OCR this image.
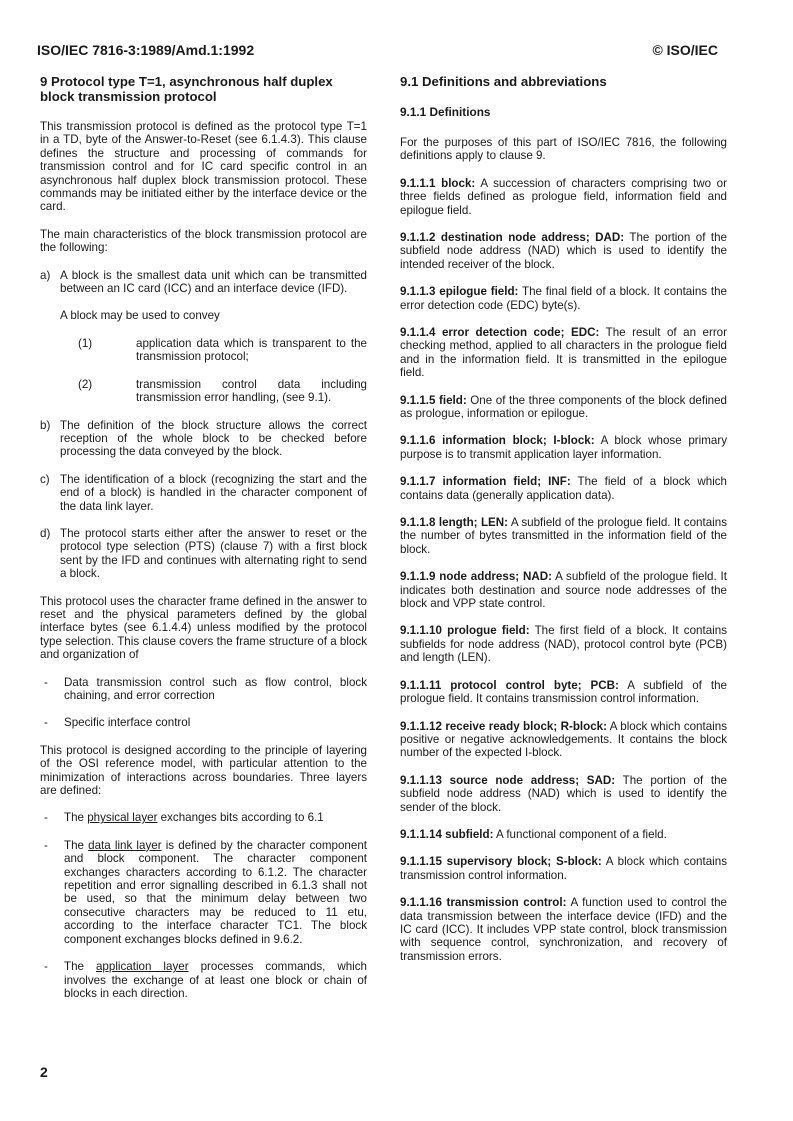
ISO/IEC 7816-3:1989/Amd.1:1992	© ISO/IEC
9 Protocol type T=1, asynchronous half duplex block transmission protocol

This transmission protocol is defined as the protocol type T=1 in a TD, byte of the Answer-to-Reset (see 6.1.4.3). This clause defines the structure and processing of commands for transmission control and for IC card specific control in an asynchronous half duplex block transmission protocol. These commands may be initiated either by the interface device or the card.

The main characteristics of the block transmission protocol are the following:

a) A block is the smallest data unit which can be transmitted between an IC card (ICC) and an interface device (IFD).
A block may be used to convey
(1)	application data which is transparent to the transmission protocol;
(2)	transmission control data including transmission error handling, (see 9.1).
b) The definition of the block structure allows the correct reception of the whole block to be checked before processing the data conveyed by the block.
c) The identification of a block (recognizing the start and the end of a block) is handled in the character component of the data link layer.
d) The protocol starts either after the answer to reset or the protocol type selection (PTS) (clause 7) with a first block sent by the IFD and continues with alternating right to send a block.

This protocol uses the character frame defined in the answer to reset and the physical parameters defined by the global interface bytes (see 6.1.4.4) unless modified by the protocol type selection. This clause covers the frame structure of a block and organization of

-	Data transmission control such as flow control, block chaining, and error correction
-	Specific interface control

This protocol is designed according to the principle of layering of the OSI reference model, with particular attention to the minimization of interactions across boundaries. Three layers are defined:

-	The physical layer exchanges bits according to 6.1
-	The data link layer is defined by the character component and block component. The character component exchanges characters according to 6.1.2. The character repetition and error signalling described in 6.1.3 shall not be used, so that the minimum delay between two consecutive characters may be reduced to 11 etu, according to the interface character TC1. The block component exchanges blocks defined in 9.6.2.
-	The application layer processes commands, which involves the exchange of at least one block or chain of blocks in each direction.
9.1 Definitions and abbreviations
9.1.1 Definitions

For the purposes of this part of ISO/IEC 7816, the following definitions apply to clause 9.

9.1.1.1 block: A succession of characters comprising two or three fields defined as prologue field, information field and epilogue field.
9.1.1.2 destination node address; DAD: The portion of the subfield node address (NAD) which is used to identify the intended receiver of the block.
9.1.1.3 epilogue field: The final field of a block. It contains the error detection code (EDC) byte(s).
9.1.1.4 error detection code; EDC: The result of an error checking method, applied to all characters in the prologue field and in the information field. It is transmitted in the epilogue field.
9.1.1.5 field: One of the three components of the block defined as prologue, information or epilogue.
9.1.1.6 information block; I-block: A block whose primary purpose is to transmit application layer information.
9.1.1.7 information field; INF: The field of a block which contains data (generally application data).
9.1.1.8 length; LEN: A subfield of the prologue field. It contains the number of bytes transmitted in the information field of the block.
9.1.1.9 node address; NAD: A subfield of the prologue field. It indicates both destination and source node addresses of the block and VPP state control.
9.1.1.10 prologue field: The first field of a block. It contains subfields for node address (NAD), protocol control byte (PCB) and length (LEN).
9.1.1.11 protocol control byte; PCB: A subfield of the prologue field. It contains transmission control information.
9.1.1.12 receive ready block; R-block: A block which contains positive or negative acknowledgements. It contains the block number of the expected I-block.
9.1.1.13 source node address; SAD: The portion of the subfield node address (NAD) which is used to identify the sender of the block.
9.1.1.14 subfield: A functional component of a field.
9.1.1.15 supervisory block; S-block: A block which contains transmission control information.
9.1.1.16 transmission control: A function used to control the data transmission between the interface device (IFD) and the IC card (ICC). It includes VPP state control, block transmission with sequence control, synchronization, and recovery of transmission errors.
2
